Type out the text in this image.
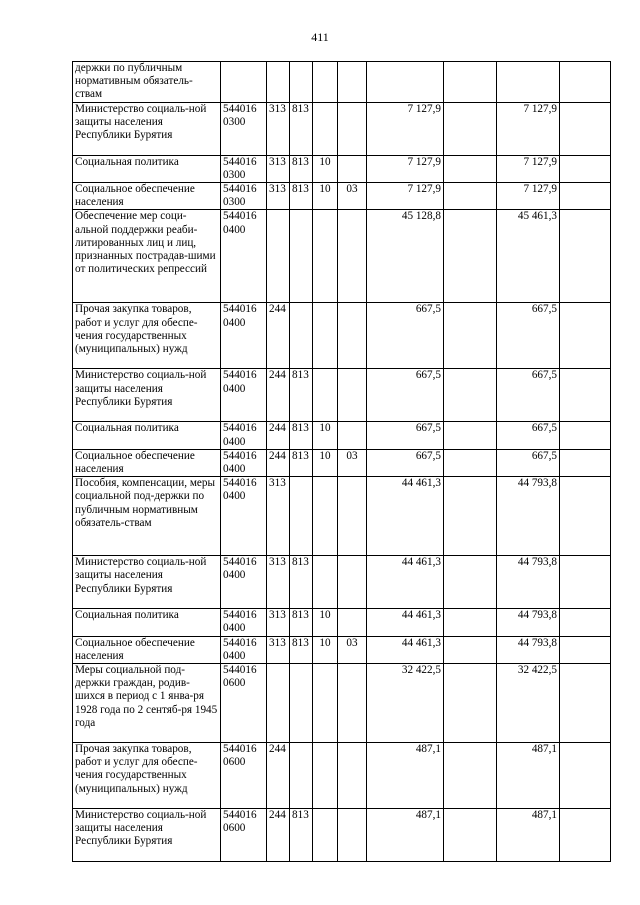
411
держки по публичным нормативным обязатель-ствам									
Министерство социаль-ной защиты населения Республики Бурятия	544016 0300	313	813			7 127,9		7 127,9	
Социальная политика	544016 0300	313	813	10		7 127,9		7 127,9	
Социальное обеспечение населения	544016 0300	313	813	10	03	7 127,9		7 127,9	
Обеспечение мер соци-альной поддержки реаби-литированных лиц и лиц, признанных пострадав-шими от политических репрессий	544016 0400					45 128,8		45 461,3	
Прочая закупка товаров, работ и услуг для обеспе-чения государственных (муниципальных) нужд	544016 0400	244				667,5		667,5	
Министерство социаль-ной защиты населения Республики Бурятия	544016 0400	244	813			667,5		667,5	
Социальная политика	544016 0400	244	813	10		667,5		667,5	
Социальное обеспечение населения	544016 0400	244	813	10	03	667,5		667,5	
Пособия, компенсации, меры социальной под-держки по публичным нормативным обязатель-ствам	544016 0400	313				44 461,3		44 793,8	
Министерство социаль-ной защиты населения Республики Бурятия	544016 0400	313	813			44 461,3		44 793,8	
Социальная политика	544016 0400	313	813	10		44 461,3		44 793,8	
Социальное обеспечение населения	544016 0400	313	813	10	03	44 461,3		44 793,8	
Меры социальной под-держки граждан, родив-шихся в период с 1 янва-ря 1928 года по 2 сентяб-ря 1945 года	544016 0600					32 422,5		32 422,5	
Прочая закупка товаров, работ и услуг для обеспе-чения государственных (муниципальных) нужд	544016 0600	244				487,1		487,1	
Министерство социаль-ной защиты населения Республики Бурятия	544016 0600	244	813			487,1		487,1	
